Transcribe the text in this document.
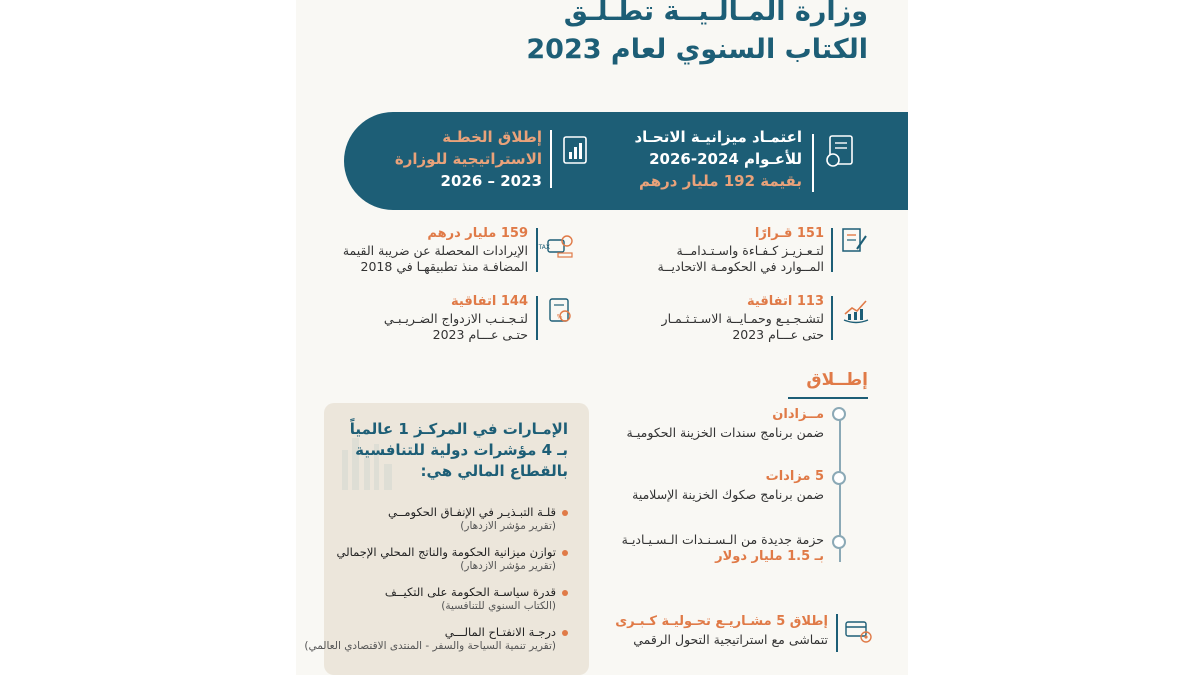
وزارة المـالـيــة تطـلـق
الكتاب السنوي لعام 2023
اعتمـاد ميزانيـة الاتحـاد
للأعـوام 2024-2026
بقيمة 192 مليار درهم
إطلاق الخطـة
الاستراتيجية للوزارة
2023 – 2026
151 قـرارًا
لتـعـزيـز كـفـاءة واسـتـدامــة
المــوارد في الحكومـة الاتحاديــة
TAX
159 مليار درهم
الإيرادات المحصلة عن ضريبة القيمة
المضافـة منذ تطبيقهـا في 2018
113 اتفاقية
لتشـجـيـع وحمـايــة الاسـتـثـمـار
حتى عـــام 2023
%
144 اتفاقية
لتـجـنـب الازدواج الضـريـبـي
حتـى عـــام 2023
إطــلاق
مــزادان
ضمن برنامج سندات الخزينة الحكوميـة
5 مزادات
ضمن برنامج صكوك الخزينة الإسلامية
حزمة جديدة من الـسـنـدات الـسـيـاديـة
بـ 1.5 مليار دولار
إطلاق 5 مشـاريـع تحـوليـة كـبـرى
تتماشى مع استراتيجية التحول الرقمي
الإمـارات في المركـز 1 عالمياً
بـ 4 مؤشرات دولية للتنافسية
بالقطاع المالي هي:
قلـة التبـذيـر في الإنفـاق الحكومــي
(تقرير مؤشر الازدهار)
توازن ميزانية الحكومة والناتج المحلي الإجمالي
(تقرير مؤشر الازدهار)
قدرة سياسـة الحكومة على التكيــف
(الكتاب السنوي للتنافسية)
درجـة الانفتـاح المالـــي
(تقرير تنمية السياحة والسفر - المنتدى الاقتصادي العالمي)
